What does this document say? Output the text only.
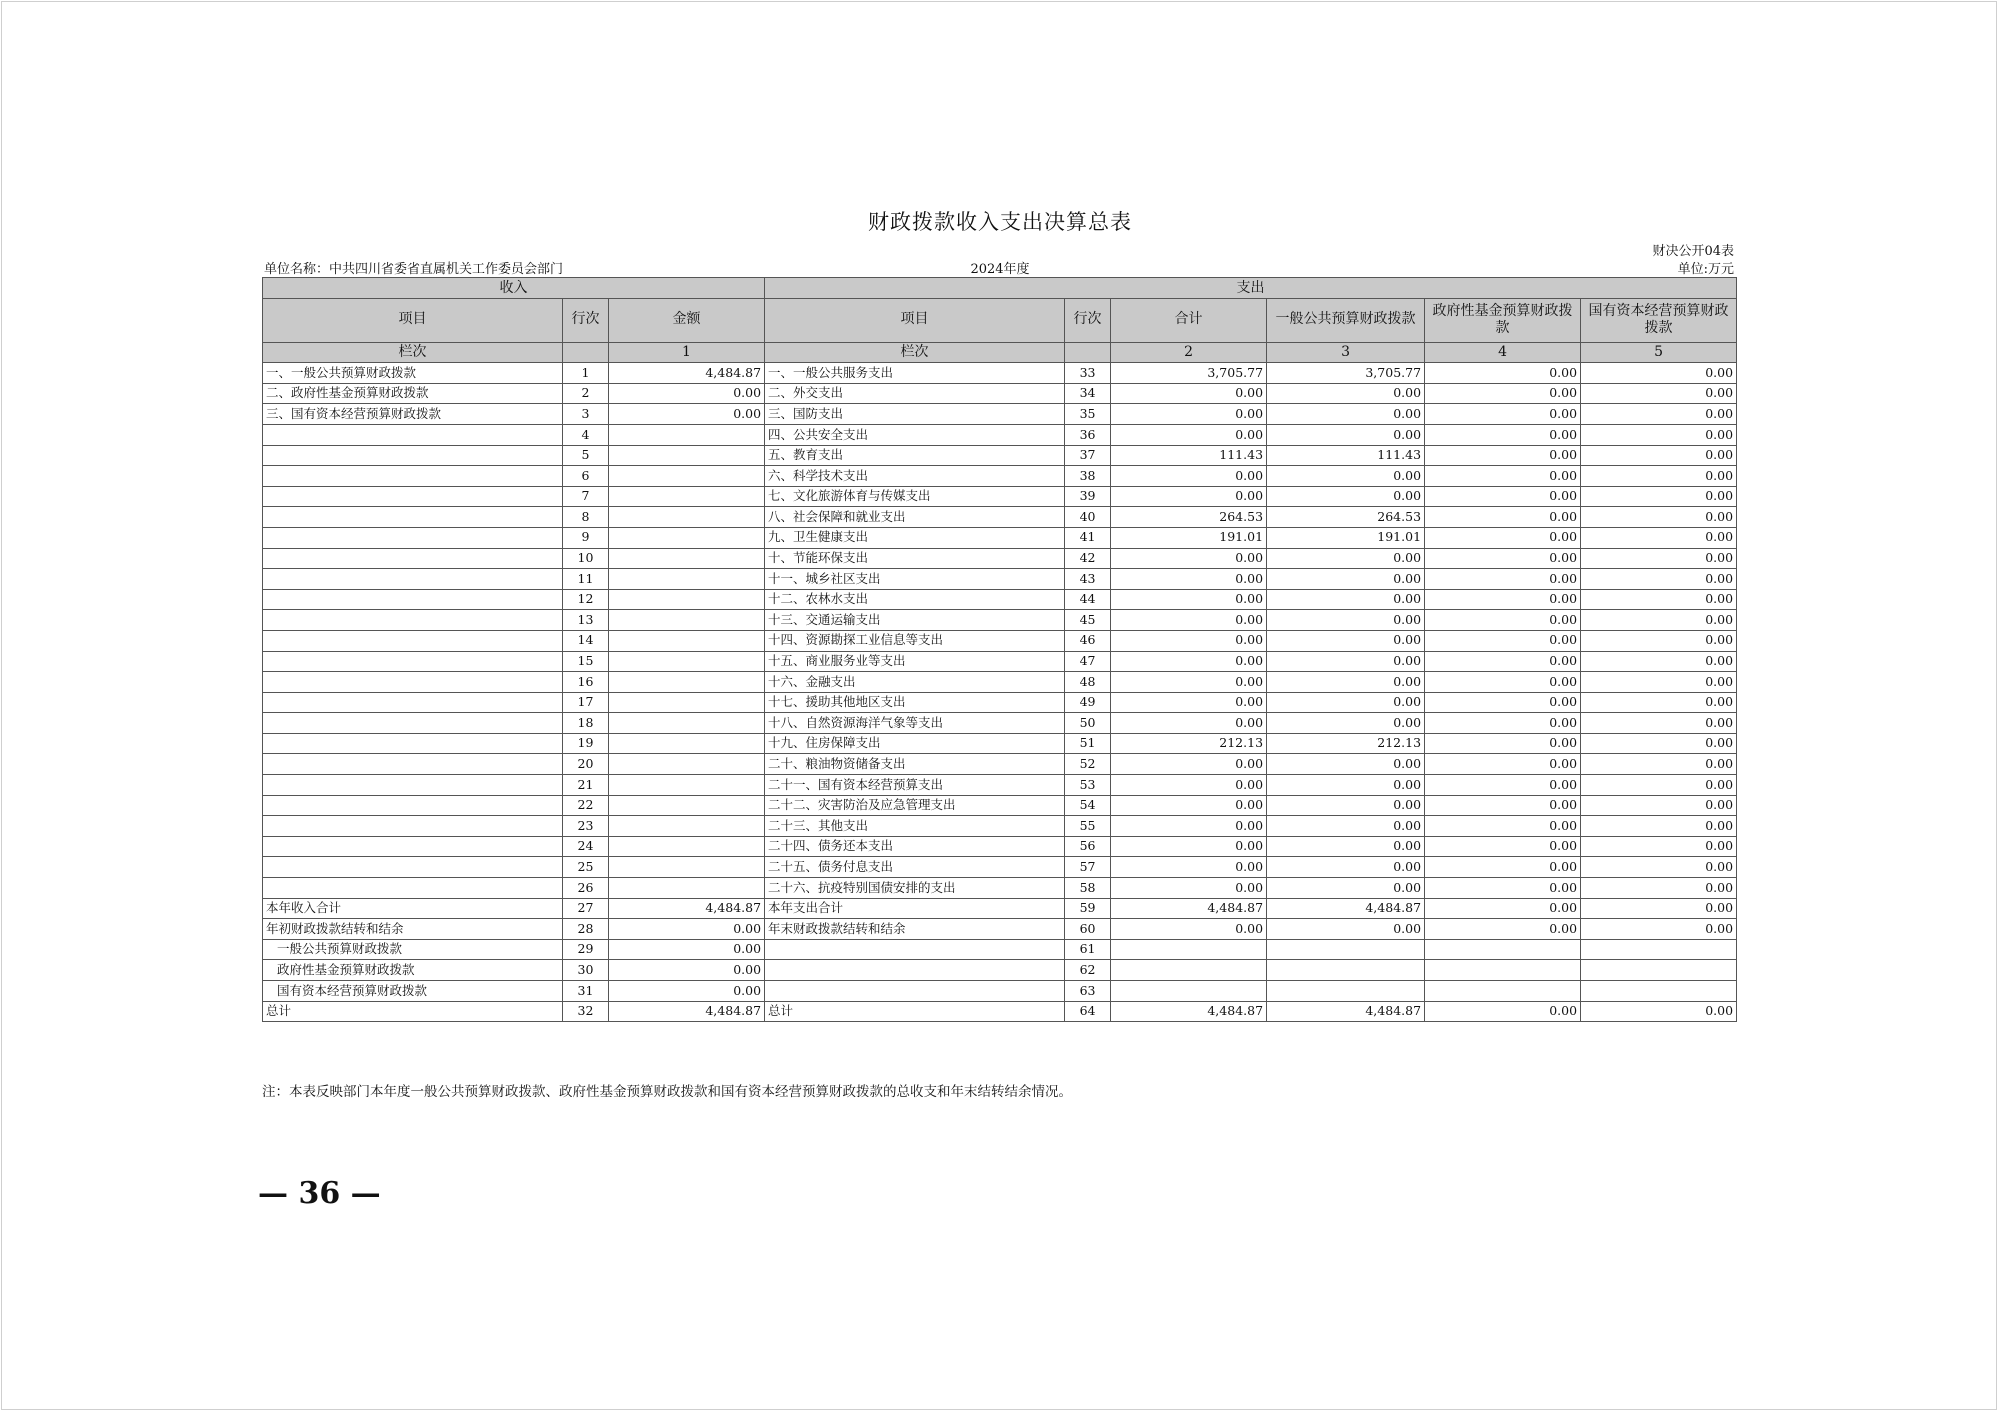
财政拨款收入支出决算总表
财决公开04表
单位名称：中共四川省委省直属机关工作委员会部门	2024年度	单位:万元
收入			支出					
项目	行次	金额	项目	行次	合计	一般公共预算财政拨款	政府性基金预算财政拨款	国有资本经营预算财政拨款
栏次		1	栏次		2	3	4	5
一、一般公共预算财政拨款	1	4,484.87	一、一般公共服务支出	33	3,705.77	3,705.77	0.00	0.00
二、政府性基金预算财政拨款	2	0.00	二、外交支出	34	0.00	0.00	0.00	0.00
三、国有资本经营预算财政拨款	3	0.00	三、国防支出	35	0.00	0.00	0.00	0.00
	4		四、公共安全支出	36	0.00	0.00	0.00	0.00
	5		五、教育支出	37	111.43	111.43	0.00	0.00
	6		六、科学技术支出	38	0.00	0.00	0.00	0.00
	7		七、文化旅游体育与传媒支出	39	0.00	0.00	0.00	0.00
	8		八、社会保障和就业支出	40	264.53	264.53	0.00	0.00
	9		九、卫生健康支出	41	191.01	191.01	0.00	0.00
	10		十、节能环保支出	42	0.00	0.00	0.00	0.00
	11		十一、城乡社区支出	43	0.00	0.00	0.00	0.00
	12		十二、农林水支出	44	0.00	0.00	0.00	0.00
	13		十三、交通运输支出	45	0.00	0.00	0.00	0.00
	14		十四、资源勘探工业信息等支出	46	0.00	0.00	0.00	0.00
	15		十五、商业服务业等支出	47	0.00	0.00	0.00	0.00
	16		十六、金融支出	48	0.00	0.00	0.00	0.00
	17		十七、援助其他地区支出	49	0.00	0.00	0.00	0.00
	18		十八、自然资源海洋气象等支出	50	0.00	0.00	0.00	0.00
	19		十九、住房保障支出	51	212.13	212.13	0.00	0.00
	20		二十、粮油物资储备支出	52	0.00	0.00	0.00	0.00
	21		二十一、国有资本经营预算支出	53	0.00	0.00	0.00	0.00
	22		二十二、灾害防治及应急管理支出	54	0.00	0.00	0.00	0.00
	23		二十三、其他支出	55	0.00	0.00	0.00	0.00
	24		二十四、债务还本支出	56	0.00	0.00	0.00	0.00
	25		二十五、债务付息支出	57	0.00	0.00	0.00	0.00
	26		二十六、抗疫特别国债安排的支出	58	0.00	0.00	0.00	0.00
本年收入合计	27	4,484.87	本年支出合计	59	4,484.87	4,484.87	0.00	0.00
年初财政拨款结转和结余	28	0.00	年末财政拨款结转和结余	60	0.00	0.00	0.00	0.00
一般公共预算财政拨款	29	0.00		61				
政府性基金预算财政拨款	30	0.00		62				
国有资本经营预算财政拨款	31	0.00		63				
总计	32	4,484.87	总计	64	4,484.87	4,484.87	0.00	0.00
注：本表反映部门本年度一般公共预算财政拨款、政府性基金预算财政拨款和国有资本经营预算财政拨款的总收支和年末结转结余情况。
— 36 —
